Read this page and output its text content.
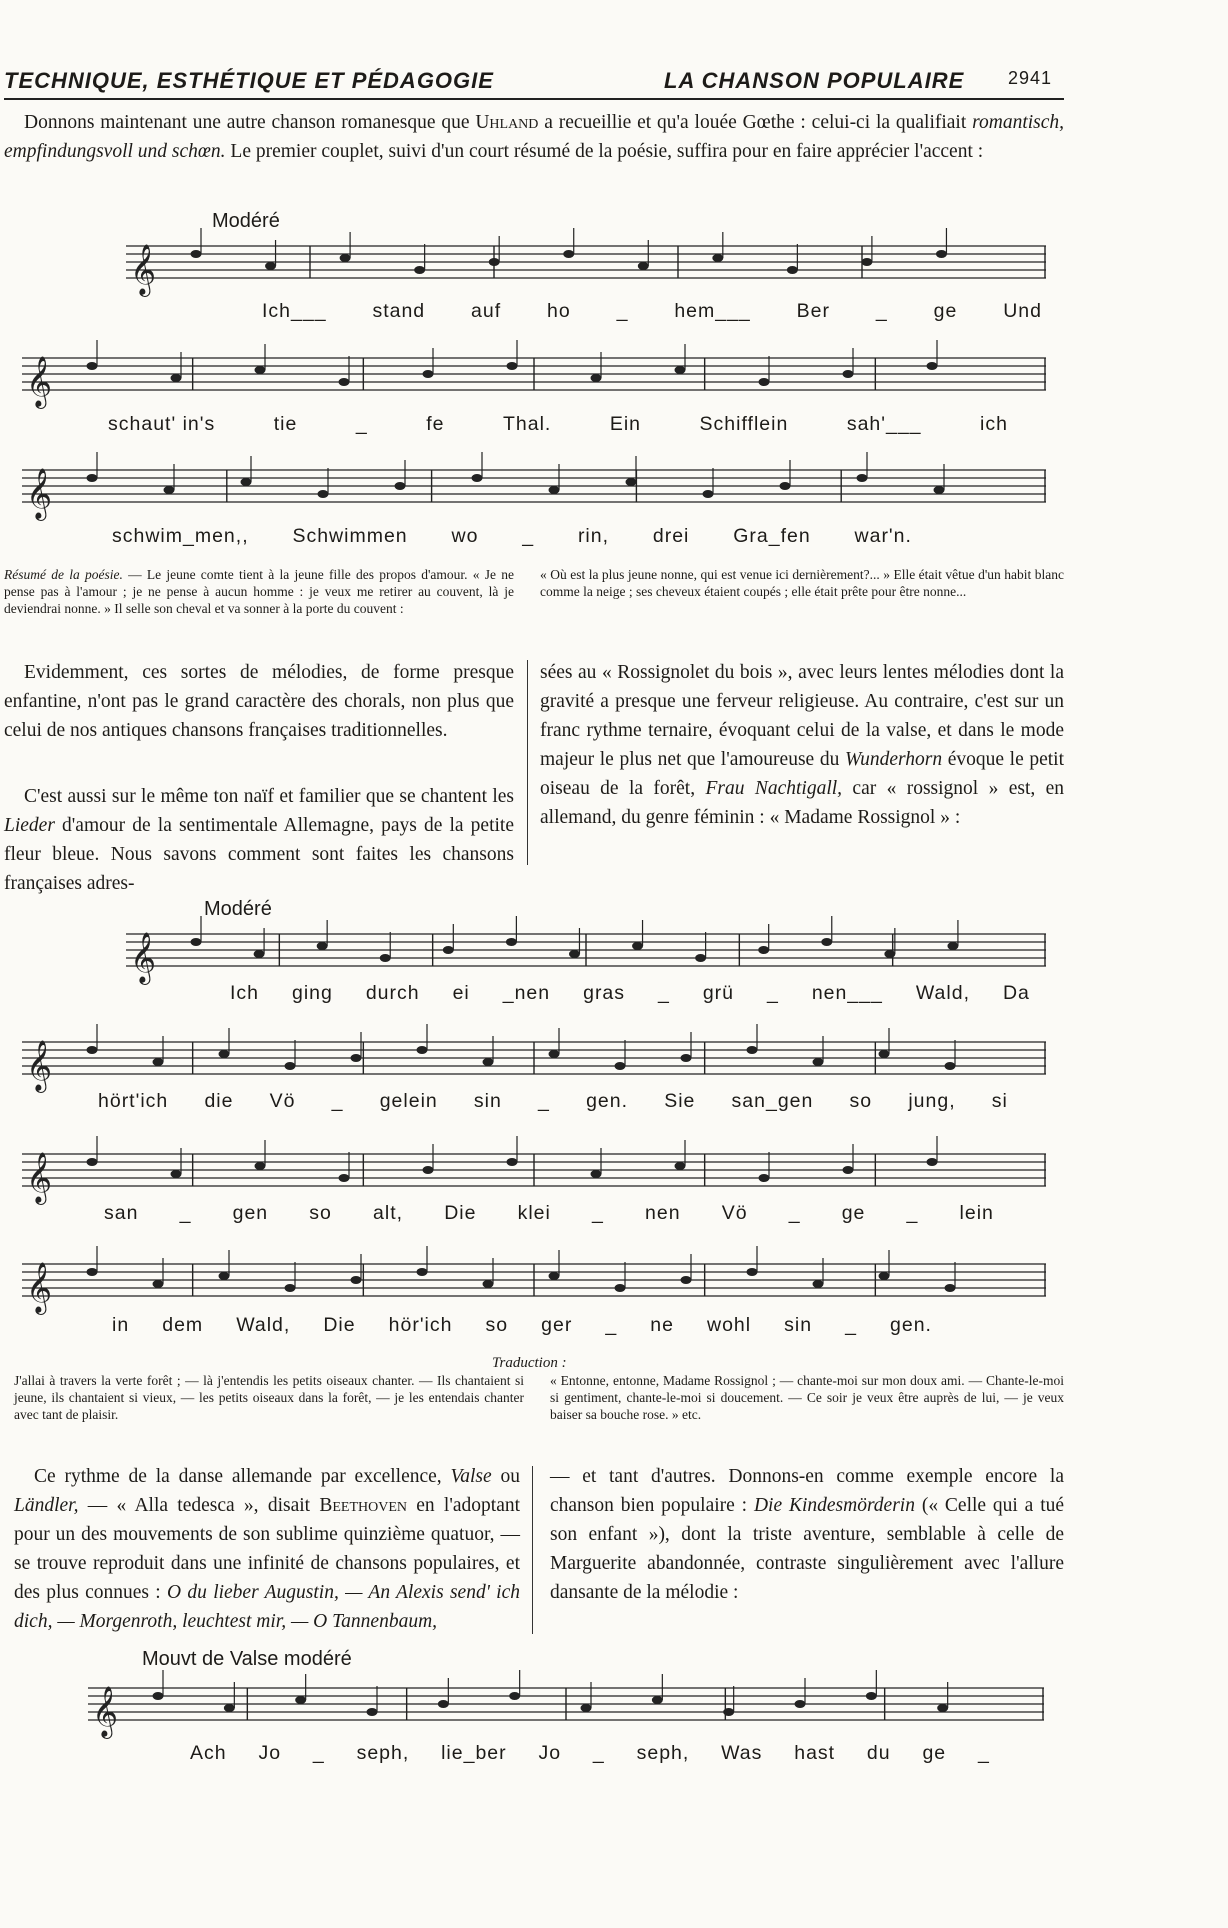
TECHNIQUE, ESTHÉTIQUE ET PÉDAGOGIE	LA CHANSON POPULAIRE 2941

Donnons maintenant une autre chanson romanesque que Uhland a recueillie et qu'a louée Gœthe : celui-ci la qualifiait romantisch, empfindungsvoll und schœn. Le premier couplet, suivi d'un court résumé de la poésie, suffira pour en faire apprécier l'accent :

Modéré
𝄞
Ich___ stand auf ho _ hem___ Ber _ ge Und
𝄞
schaut' in's	tie	_	fe	Thal.	Ein	Schifflein	sah'___	ich
𝄞
schwim_men,, Schwimmen wo _ rin, drei Gra_fen war'n.

Résumé de la poésie. — Le jeune comte tient à la jeune fille des propos d'amour. « Je ne pense pas à l'amour ; je ne pense à aucun homme : je veux me retirer au couvent, là je deviendrai nonne. » Il selle son cheval et va sonner à la porte du couvent :

« Où est la plus jeune nonne, qui est venue ici dernièrement?... » Elle était vêtue d'un habit blanc comme la neige ; ses cheveux étaient coupés ; elle était prête pour être nonne...

Evidemment, ces sortes de mélodies, de forme presque enfantine, n'ont pas le grand caractère des chorals, non plus que celui de nos antiques chansons françaises traditionnelles.

C'est aussi sur le même ton naïf et familier que se chantent les Lieder d'amour de la sentimentale Allemagne, pays de la petite fleur bleue. Nous savons comment sont faites les chansons françaises adres-

sées au « Rossignolet du bois », avec leurs lentes mélodies dont la gravité a presque une ferveur religieuse. Au contraire, c'est sur un franc rythme ternaire, évoquant celui de la valse, et dans le mode majeur le plus net que l'amoureuse du Wunderhorn évoque le petit oiseau de la forêt, Frau Nachtigall, car « rossignol » est, en allemand, du genre féminin : « Madame Rossignol » :

Modéré
𝄞
Ich ging durch ei _nen gras _ grü _ nen___ Wald, Da
𝄞
hört'ich die Vö _ gelein sin _ gen. Sie san_gen so jung, si
𝄞
san _ gen so alt, Die klei _ nen Vö _ ge _ lein
𝄞
in dem Wald, Die hör'ich so ger _ ne wohl sin _ gen.
Traduction :

J'allai à travers la verte forêt ; — là j'entendis les petits oiseaux chanter. — Ils chantaient si jeune, ils chantaient si vieux, — les petits oiseaux dans la forêt, — je les entendais chanter avec tant de plaisir.

« Entonne, entonne, Madame Rossignol ; — chante-moi sur mon doux ami. — Chante-le-moi si gentiment, chante-le-moi si doucement. — Ce soir je veux être auprès de lui, — je veux baiser sa bouche rose. » etc.

Ce rythme de la danse allemande par excellence, Valse ou Ländler, — « Alla tedesca », disait Beethoven en l'adoptant pour un des mouvements de son sublime quinzième quatuor, — se trouve reproduit dans une infinité de chansons populaires, et des plus connues : O du lieber Augustin, — An Alexis send' ich dich, — Morgenroth, leuchtest mir, — O Tannenbaum,

— et tant d'autres. Donnons-en comme exemple encore la chanson bien populaire : Die Kindesmörderin (« Celle qui a tué son enfant »), dont la triste aventure, semblable à celle de Marguerite abandonnée, contraste singulièrement avec l'allure dansante de la mélodie :

Mouvt de Valse modéré
𝄞
Ach Jo _ seph, lie_ber Jo _ seph, Was hast du ge _
